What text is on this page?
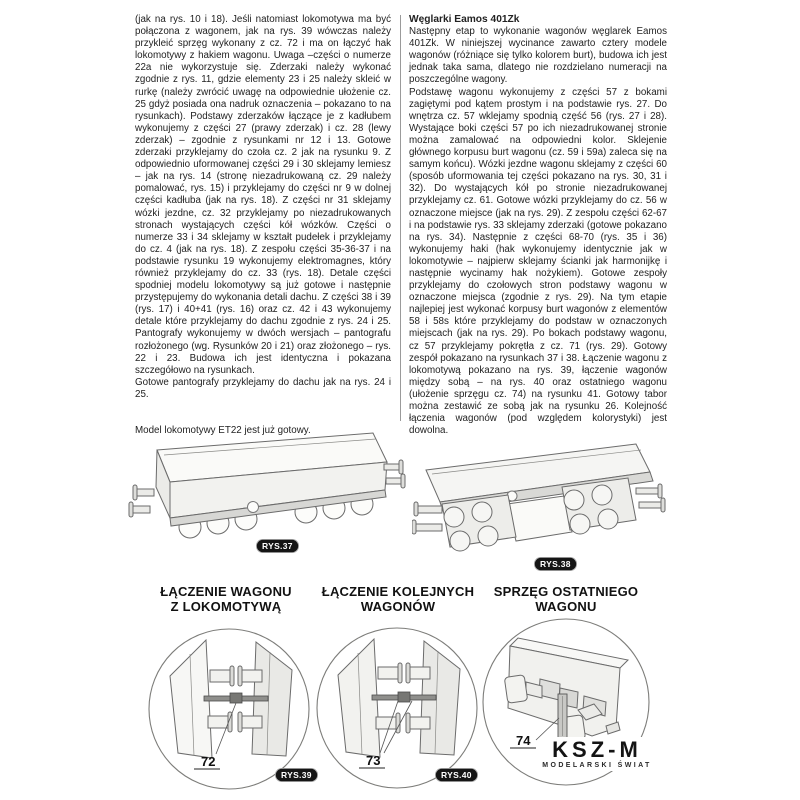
(jak na rys. 10 i 18). Jeśli natomiast lokomotywa ma być połączona z wagonem, jak na rys. 39 wówczas należy przykleić sprzęg wykonany z cz. 72 i ma on łączyć hak lokomotywy z hakiem wagonu. Uwaga –części o numerze 22a nie wykorzystuje się. Zderzaki należy wykonać zgodnie z rys. 11, gdzie elementy 23 i 25 należy skleić w rurkę (należy zwrócić uwagę na odpowiednie ułożenie cz. 25 gdyż posiada ona nadruk oznaczenia – pokazano to na rysunkach). Podstawy zderzaków łączące je z kadłubem wykonujemy z części 27 (prawy zderzak) i cz. 28 (lewy zderzak) – zgodnie z rysunkami nr 12 i 13. Gotowe zderzaki przyklejamy do czoła cz. 2 jak na rysunku 9. Z odpowiednio uformowanej części 29 i 30 sklejamy lemiesz – jak na rys. 14 (stronę niezadrukowaną cz. 29 należy pomalować, rys. 15) i przyklejamy do części nr 9 w dolnej części kadłuba (jak na rys. 18). Z części nr 31 sklejamy wózki jezdne, cz. 32 przyklejamy po niezadrukowanych stronach wystających części kół wózków. Części o numerze 33 i 34 sklejamy w kształt pudełek i przyklejamy do cz. 4 (jak na rys. 18). Z zespołu części 35-36-37 i na podstawie rysunku 19 wykonujemy elektromagnes, który również przyklejamy do cz. 33 (rys. 18). Detale części spodniej modelu lokomotywy są już gotowe i następnie przystępujemy do wykonania detali dachu. Z części 38 i 39 (rys. 17) i 40+41 (rys. 16) oraz cz. 42 i 43 wykonujemy detale które przyklejamy do dachu zgodnie z rys. 24 i 25. Pantografy wykonujemy w dwóch wersjach – pantografu rozłożonego (wg. Rysunków 20 i 21) oraz złożonego – rys. 22 i 23. Budowa ich jest identyczna i pokazana szczegółowo na rysunkach.

Gotowe pantografy przyklejamy do dachu jak na rys. 24 i 25.

Model lokomotywy ET22 jest już gotowy.

Węglarki Eamos 401Zk

Następny etap to wykonanie wagonów węglarek Eamos 401Zk. W niniejszej wycinance zawarto cztery modele wagonów (różniące się tylko kolorem burt), budowa ich jest jednak taka sama, dlatego nie rozdzielano numeracji na poszczególne wagony.

Podstawę wagonu wykonujemy z części 57 z bokami zagiętymi pod kątem prostym i na podstawie rys. 27. Do wnętrza cz. 57 wklejamy spodnią część 56 (rys. 27 i 28). Wystające boki części 57 po ich niezadrukowanej stronie można zamalować na odpowiedni kolor. Sklejenie głównego korpusu burt wagonu (cz. 59 i 59a) zaleca się na samym końcu). Wózki jezdne wagonu sklejamy z części 60 (sposób uformowania tej części pokazano na rys. 30, 31 i 32). Do wystających kół po stronie niezadrukowanej przyklejamy cz. 61. Gotowe wózki przyklejamy do cz. 56 w oznaczone miejsce (jak na rys. 29). Z zespołu części 62-67 i na podstawie rys. 33 sklejamy zderzaki (gotowe pokazano na rys. 34). Następnie z części 68-70 (rys. 35 i 36) wykonujemy haki (hak wykonujemy identycznie jak w lokomotywie – najpierw sklejamy ścianki jak harmonijkę i następnie wycinamy hak nożykiem). Gotowe zespoły przyklejamy do czołowych stron podstawy wagonu w oznaczone miejsca (zgodnie z rys. 29). Na tym etapie najlepiej jest wykonać korpusy burt wagonów z elementów 58 i 58s które przyklejamy do podstaw w oznaczonych miejscach (jak na rys. 29). Po bokach podstawy wagonu, cz 57 przyklejamy pokrętła z cz. 71 (rys. 29). Gotowy zespół pokazano na rysunkach 37 i 38. Łączenie wagonu z lokomotywą pokazano na rys. 39, łączenie wagonów między sobą – na rys. 40 oraz ostatniego wagonu (ułożenie sprzęgu cz. 74) na rysunku 41. Gotowy tabor można zestawić ze sobą jak na rysunku 26. Kolejność łączenia wagonów (pod względem kolorystyki) jest dowolna.

RYS.37
RYS.38
ŁĄCZENIE WAGONU
Z LOKOMOTYWĄ
ŁĄCZENIE KOLEJNYCH
WAGONÓW
SPRZĘG OSTATNIEGO
WAGONU
72
RYS.39
73
RYS.40
74 KSZ-M
MODELARSKI ŚWIAT
